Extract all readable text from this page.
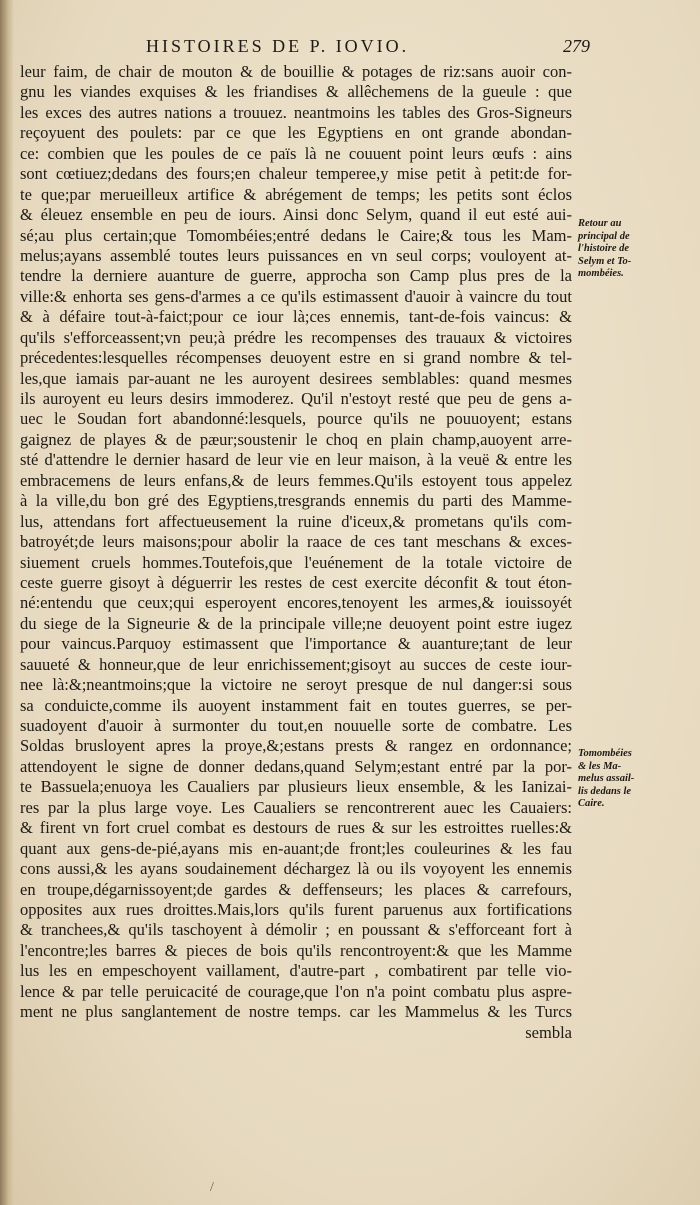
HISTOIRES DE P. IOVIO.	279
leur faim, de chair de mouton & de bouillie & potages de riz:sans auoir con-
gnu les viandes exquises & les friandises & allêchemens de la gueule : que
les exces des autres nations a trouuez. neantmoins les tables des Gros-Signeurs
reçoyuent des poulets: par ce que les Egyptiens en ont grande abondan-
ce: combien que les poules de ce païs là ne couuent point leurs œufs : ains
sont cœtiuez;dedans des fours;en chaleur temperee,y mise petit à petit:de for-
te que;par merueilleux artifice & abrégement de temps; les petits sont éclos
& éleuez ensemble en peu de iours. Ainsi donc Selym, quand il eut esté aui-
sé;au plus certain;que Tomombéies;entré dedans le Caire;& tous les Mam-
melus;ayans assemblé toutes leurs puissances en vn seul corps; vouloyent at-
tendre la derniere auanture de guerre, approcha son Camp plus pres de la
ville:& enhorta ses gens-d'armes a ce qu'ils estimassent d'auoir à vaincre du tout
& à défaire tout-à-faict;pour ce iour là;ces ennemis, tant-de-fois vaincus: &
qu'ils s'efforceassent;vn peu;à prédre les recompenses des trauaux & victoires
précedentes:lesquelles récompenses deuoyent estre en si grand nombre & tel-
les,que iamais par-auant ne les auroyent desirees semblables: quand mesmes
ils auroyent eu leurs desirs immoderez. Qu'il n'estoyt resté que peu de gens a-
uec le Soudan fort abandonné:lesquels, pource qu'ils ne pouuoyent; estans
gaignez de playes & de pæur;soustenir le choq en plain champ,auoyent arre-
sté d'attendre le dernier hasard de leur vie en leur maison, à la veuë & entre les
embracemens de leurs enfans,& de leurs femmes.Qu'ils estoyent tous appelez
à la ville,du bon gré des Egyptiens,tresgrands ennemis du parti des Mamme-
lus, attendans fort affectueusement la ruine d'iceux,& prometans qu'ils com-
batroyét;de leurs maisons;pour abolir la raace de ces tant meschans & exces-
siuement cruels hommes.Toutefois,que l'euénement de la totale victoire de
ceste guerre gisoyt à déguerrir les restes de cest exercite déconfit & tout éton-
né:entendu que ceux;qui esperoyent encores,tenoyent les armes,& iouissoyét
du siege de la Signeurie & de la principale ville;ne deuoyent point estre iugez
pour vaincus.Parquoy estimassent que l'importance & auanture;tant de leur
sauueté & honneur,que de leur enrichissement;gisoyt au succes de ceste iour-
nee là:&;neantmoins;que la victoire ne seroyt presque de nul danger:si sous
sa conduicte,comme ils auoyent instamment fait en toutes guerres, se per-
suadoyent d'auoir à surmonter du tout,en nouuelle sorte de combatre. Les
Soldas brusloyent apres la proye,&;estans prests & rangez en ordonnance;
attendoyent le signe de donner dedans,quand Selym;estant entré par la por-
te Bassuela;enuoya les Caualiers par plusieurs lieux ensemble, & les Ianizai-
res par la plus large voye. Les Caualiers se rencontrerent auec les Cauaiers:
& firent vn fort cruel combat es destours de rues & sur les estroittes ruelles:&
quant aux gens-de-pié,ayans mis en-auant;de front;les couleurines & les fau
cons aussi,& les ayans soudainement déchargez là ou ils voyoyent les ennemis
en troupe,dégarnissoyent;de gardes & deffenseurs; les places & carrefours,
opposites aux rues droittes.Mais,lors qu'ils furent paruenus aux fortifications
& tranchees,& qu'ils taschoyent à démolir ; en poussant & s'efforceant fort à
l'encontre;les barres & pieces de bois qu'ils rencontroyent:& que les Mamme
lus les en empeschoyent vaillament, d'autre-part , combatirent par telle vio-
lence & par telle peruicacité de courage,que l'on n'a point combatu plus aspre-
ment ne plus sanglantement de nostre temps. car les Mammelus & les Turcs
sembla
Retour au
principal de
l'histoire de
Selym et To-
mombéies.
Tomombéies
& les Ma-
melus assail-
lis dedans le
Caire.
/
